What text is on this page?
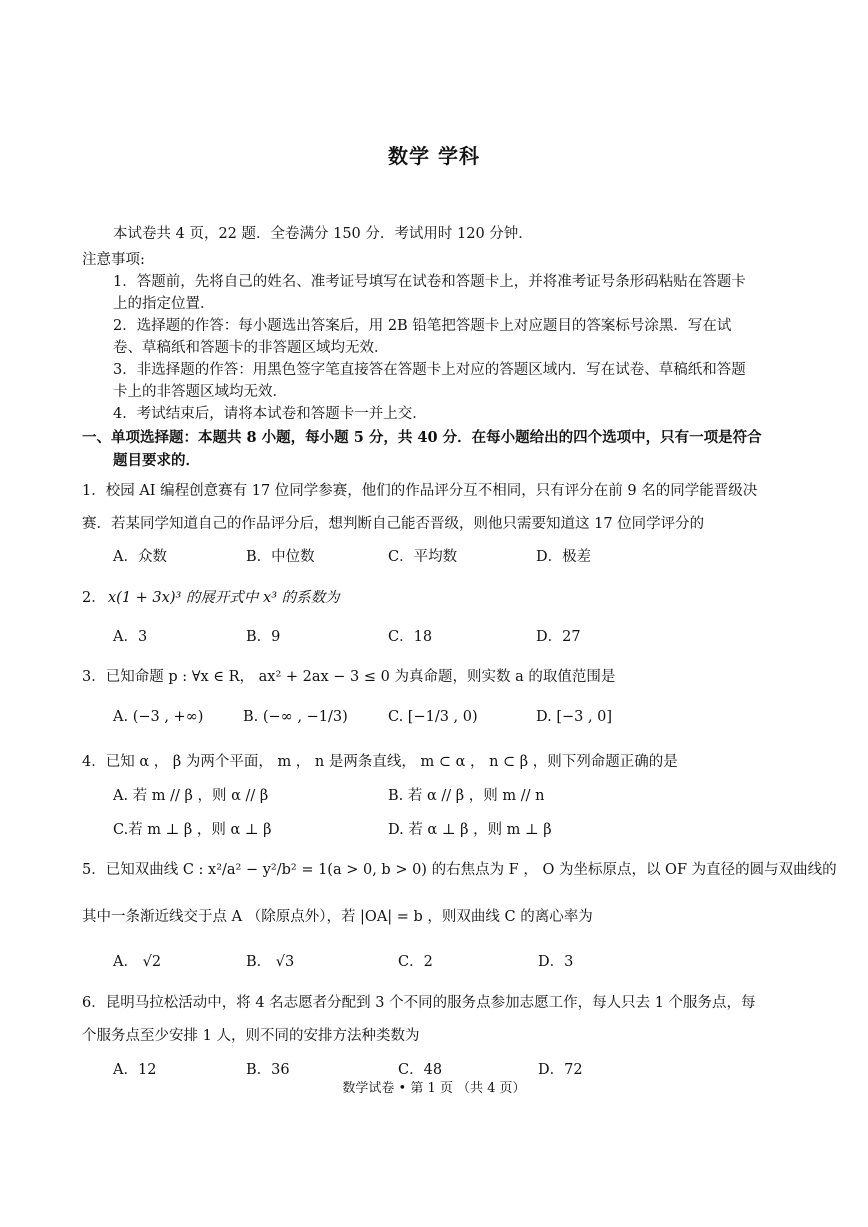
数学 学科
本试卷共 4 页，22 题．全卷满分 150 分．考试用时 120 分钟．
注意事项:
1．答题前，先将自己的姓名、准考证号填写在试卷和答题卡上，并将准考证号条形码粘贴在答题卡
上的指定位置．
2．选择题的作答：每小题选出答案后，用 2B 铅笔把答题卡上对应题目的答案标号涂黑．写在试
卷、草稿纸和答题卡的非答题区域均无效．
3．非选择题的作答：用黑色签字笔直接答在答题卡上对应的答题区域内．写在试卷、草稿纸和答题
卡上的非答题区域均无效．
4．考试结束后，请将本试卷和答题卡一并上交．
一、单项选择题：本题共 8 小题，每小题 5 分，共 40 分．在每小题给出的四个选项中，只有一项是符合
题目要求的．
1．校园 AI 编程创意赛有 17 位同学参赛，他们的作品评分互不相同，只有评分在前 9 名的同学能晋级决
赛．若某同学知道自己的作品评分后，想判断自己能否晋级，则他只需要知道这 17 位同学评分的
A．众数	B．中位数	C．平均数	D．极差
2． x(1 + 3x)³ 的展开式中 x³ 的系数为
A．3	B．9	C．18	D．27
3．已知命题 p : ∀x ∈ R， ax² + 2ax − 3 ≤ 0 为真命题，则实数 a 的取值范围是
A. (−3 , +∞)	B. (−∞ , −1/3)	C. [−1/3 , 0)	D. [−3 , 0]
4．已知 α ， β 为两个平面， m ， n 是两条直线， m ⊂ α ， n ⊂ β ，则下列命题正确的是
A. 若 m // β ，则 α // β	B. 若 α // β ，则 m // n
C.若 m ⊥ β ，则 α ⊥ β	D. 若 α ⊥ β ，则 m ⊥ β
5．已知双曲线 C : x²/a² − y²/b² = 1(a > 0, b > 0) 的右焦点为 F ， O 为坐标原点，以 OF 为直径的圆与双曲线的
其中一条渐近线交于点 A （除原点外），若 |OA| = b ，则双曲线 C 的离心率为
A． √2	B． √3	C．2	D．3
6．昆明马拉松活动中，将 4 名志愿者分配到 3 个不同的服务点参加志愿工作，每人只去 1 个服务点，每
个服务点至少安排 1 人，则不同的安排方法种类数为
A．12	B．36	C．48	D．72
数学试卷 • 第 1 页 （共 4 页）
